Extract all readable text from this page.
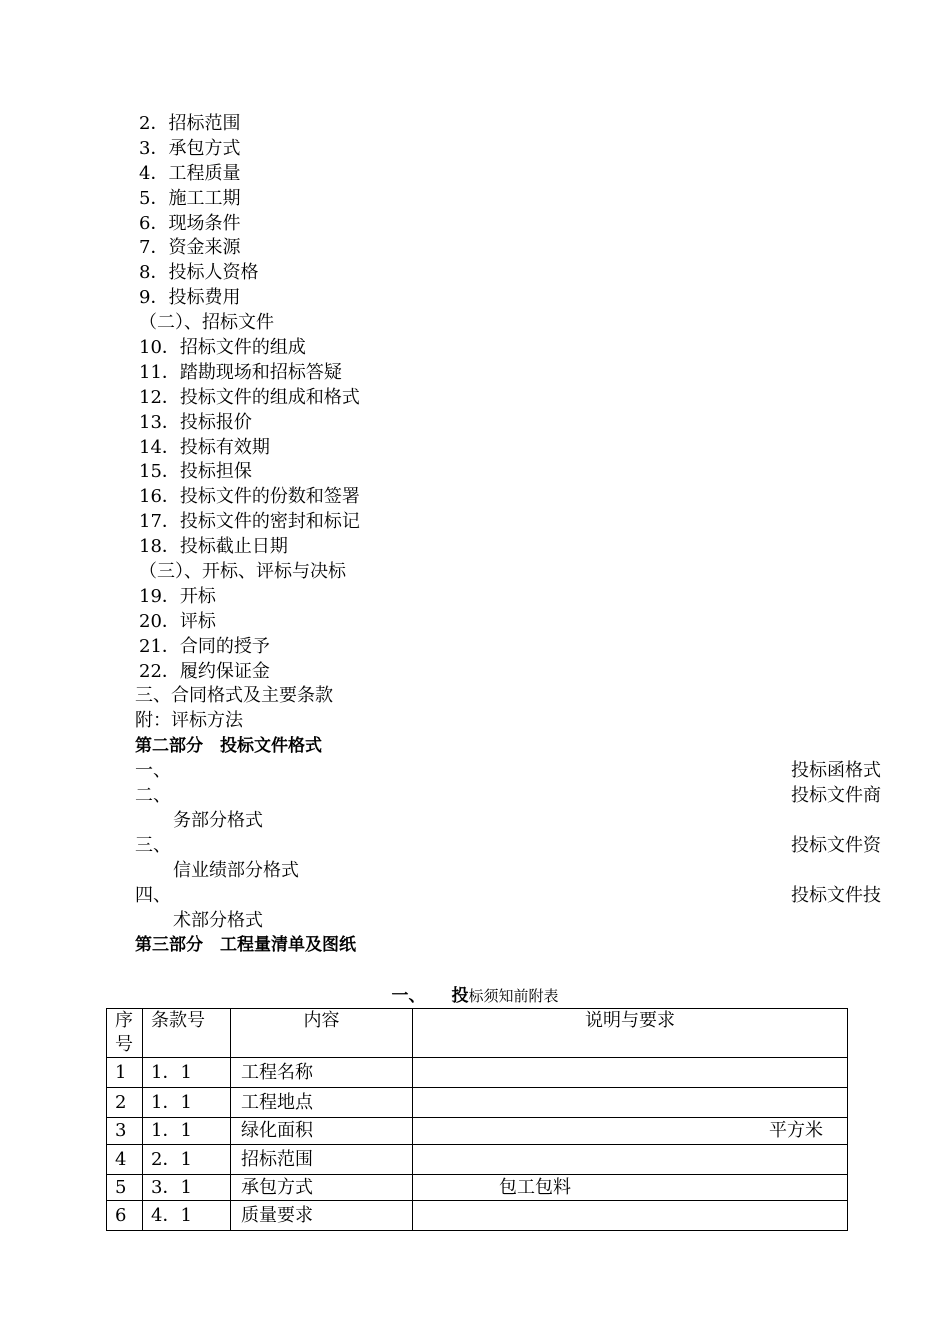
2．招标范围
3．承包方式
4．工程质量
5．施工工期
6．现场条件
7．资金来源
8．投标人资格
9．投标费用
（二）、招标文件
10．招标文件的组成
11．踏勘现场和招标答疑
12．投标文件的组成和格式
13．投标报价
14．投标有效期
15．投标担保
16．投标文件的份数和签署
17．投标文件的密封和标记
18．投标截止日期
（三）、开标、评标与决标
19．开标
20．评标
21．合同的授予
22．履约保证金
三、合同格式及主要条款
附：评标方法
第二部分　投标文件格式
一、	投标函格式
二、	投标文件商
务部分格式
三、	投标文件资
信业绩部分格式
四、	投标文件技
术部分格式
第三部分　工程量清单及图纸
一、 投标须知前附表
序号	条款号	内容	说明与要求
1	1．1	工程名称	
2	1．1	工程地点	
3	1．1	绿化面积	平方米

4	2．1	招标范围	
5	3．1	承包方式	包工包料

6	4．1	质量要求	
